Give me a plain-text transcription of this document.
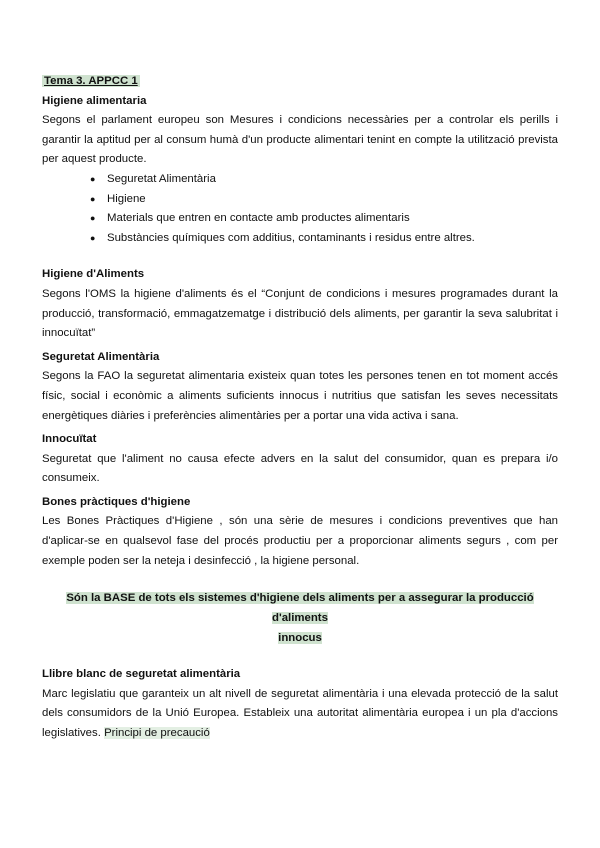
Tema 3. APPCC 1

Higiene alimentaria

Segons el parlament europeu son Mesures i condicions necessàries per a controlar els perills i garantir la aptitud per al consum humà d'un producte alimentari tenint en compte la utilització prevista per aquest producte.

● Seguretat Alimentària
● Higiene
● Materials que entren en contacte amb productes alimentaris
● Substàncies químiques com additius, contaminants i residus entre altres.

Higiene d'Aliments

Segons l'OMS la higiene d'aliments és el “Conjunt de condicions i mesures programades durant la producció, transformació, emmagatzematge i distribució dels aliments, per garantir la seva salubritat i innocuïtat”

Seguretat Alimentària

Segons la FAO la seguretat alimentaria existeix quan totes les persones tenen en tot moment accés físic, social i econòmic a aliments suficients innocus i nutritius que satisfan les seves necessitats energètiques diàries i preferències alimentàries per a portar una vida activa i sana.

Innocuïtat

Seguretat que l'aliment no causa efecte advers en la salut del consumidor, quan es prepara i/o consumeix.

Bones pràctiques d'higiene

Les Bones Pràctiques d'Higiene , són una sèrie de mesures i condicions preventives que han d'aplicar-se en qualsevol fase del procés productiu per a proporcionar aliments segurs , com per exemple poden ser la neteja i desinfecció , la higiene personal.

Són la BASE de tots els sistemes d'higiene dels aliments per a assegurar la producció d'aliments
innocus

Llibre blanc de seguretat alimentària

Marc legislatiu que garanteix un alt nivell de seguretat alimentària i una elevada protecció de la salut dels consumidors de la Unió Europea. Estableix una autoritat alimentària europea i un pla d'accions legislatives. Principi de precaució
